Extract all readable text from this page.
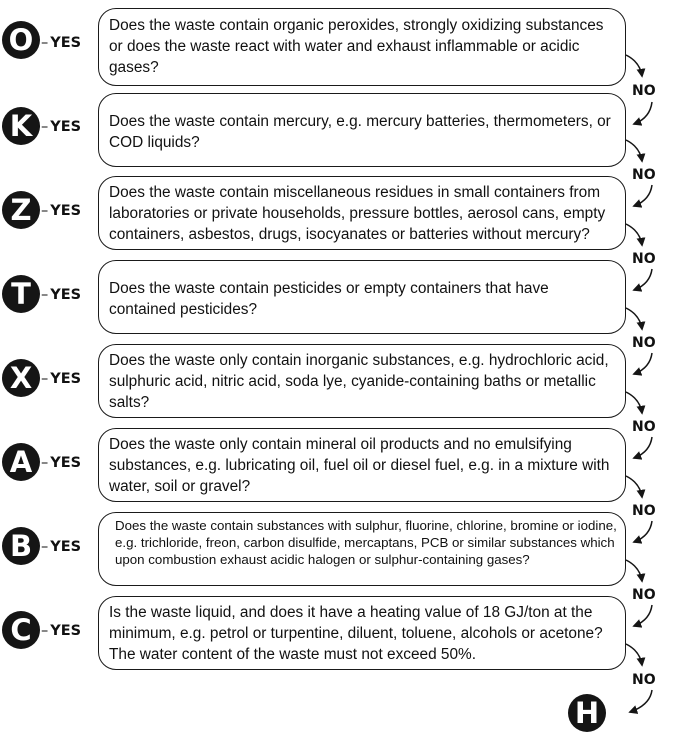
O – YES
Does the waste contain organic peroxides, strongly oxidizing substances or does the waste react with water and exhaust inflammable or acidic gases?
NO
K – YES	Does the waste contain mercury, e.g. mercury batteries, thermometers, or COD liquids?
NO
Z – YES
Does the waste contain miscellaneous residues in small containers from laboratories or private households, pressure bottles, aerosol cans, empty containers, asbestos, drugs, isocyanates or batteries without mercury?
NO
T – YES	Does the waste contain pesticides or empty containers that have contained pesticides?
NO
X – YES
Does the waste only contain inorganic substances, e.g. hydrochloric acid, sulphuric acid, nitric acid, soda lye, cyanide-containing baths or metallic salts?
NO
A – YES
Does the waste only contain mineral oil products and no emulsifying substances, e.g. lubricating oil, fuel oil or diesel fuel, e.g. in a mixture with water, soil or gravel?
NO
B – YES
Does the waste contain substances with sulphur, fluorine, chlorine, bromine or iodine, e.g. trichloride, freon, carbon disulfide, mercaptans, PCB or similar substances which upon combustion exhaust acidic halogen or sulphur-containing gases?
NO
C – YES
Is the waste liquid, and does it have a heating value of 18 GJ/ton at the minimum, e.g. petrol or turpentine, diluent, toluene, alcohols or acetone? The water content of the waste must not exceed 50%.
NO
H
